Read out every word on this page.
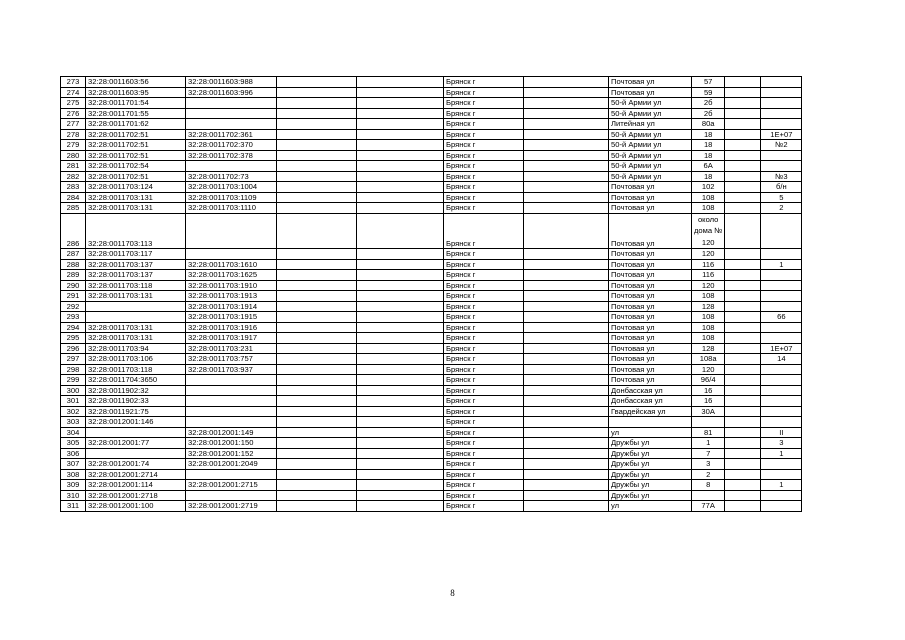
273	32:28:0011603:56	32:28:0011603:988			Брянск г		Почтовая ул	57		
274	32:28:0011603:95	32:28:0011603:996			Брянск г		Почтовая ул	59		
275	32:28:0011701:54				Брянск г		50-й Армии ул	2б		
276	32:28:0011701:55				Брянск г		50-й Армии ул	2б		
277	32:28:0011701:62				Брянск г		Литейная ул	80а		
278	32:28:0011702:51	32:28:0011702:361			Брянск г		50-й Армии ул	18		1E+07
279	32:28:0011702:51	32:28:0011702:370			Брянск г		50-й Армии ул	18		№2
280	32:28:0011702:51	32:28:0011702:378			Брянск г		50-й Армии ул	18		
281	32:28:0011702:54				Брянск г		50-й Армии ул	6А		
282	32:28:0011702:51	32:28:0011702:73			Брянск г		50-й Армии ул	18		№3
283	32:28:0011703:124	32:28:0011703:1004			Брянск г		Почтовая ул	102		б/н
284	32:28:0011703:131	32:28:0011703:1109			Брянск г		Почтовая ул	108		5
285	32:28:0011703:131	32:28:0011703:1110			Брянск г		Почтовая ул	108		2
286	32:28:0011703:113				Брянск г		Почтовая ул	около
дома №
120		

287	32:28:0011703:117				Брянск г		Почтовая ул	120		
288	32:28:0011703:137	32:28:0011703:1610			Брянск г		Почтовая ул	116		1
289	32:28:0011703:137	32:28:0011703:1625			Брянск г		Почтовая ул	116		
290	32:28:0011703:118	32:28:0011703:1910			Брянск г		Почтовая ул	120		
291	32:28:0011703:131	32:28:0011703:1913			Брянск г		Почтовая ул	108		
292		32:28:0011703:1914			Брянск г		Почтовая ул	128		
293		32:28:0011703:1915			Брянск г		Почтовая ул	108		66
294	32:28:0011703:131	32:28:0011703:1916			Брянск г		Почтовая ул	108		
295	32:28:0011703:131	32:28:0011703:1917			Брянск г		Почтовая ул	108		
296	32:28:0011703:94	32:28:0011703:231			Брянск г		Почтовая ул	128		1E+07
297	32:28:0011703:106	32:28:0011703:757			Брянск г		Почтовая ул	108а		14
298	32:28:0011703:118	32:28:0011703:937			Брянск г		Почтовая ул	120		
299	32:28:0011704:3650				Брянск г		Почтовая ул	96/4		
300	32:28:0011902:32				Брянск г		Донбасская ул	16		
301	32:28:0011902:33				Брянск г		Донбасская ул	16		
302	32:28:0011921:75				Брянск г		Гвардейская ул	30А		
303	32:28:0012001:146				Брянск г					
304		32:28:0012001:149			Брянск г		ул	81		II
305	32:28:0012001:77	32:28:0012001:150			Брянск г		Дружбы ул	1		3
306		32:28:0012001:152			Брянск г		Дружбы ул	7		1
307	32:28:0012001:74	32:28:0012001:2049			Брянск г		Дружбы ул	3		
308	32:28:0012001:2714				Брянск г		Дружбы ул	2		
309	32:28:0012001:114	32:28:0012001:2715			Брянск г		Дружбы ул	8		1
310	32:28:0012001:2718				Брянск г		Дружбы ул			
311	32:28:0012001:100	32:28:0012001:2719			Брянск г		ул	77А		
8
